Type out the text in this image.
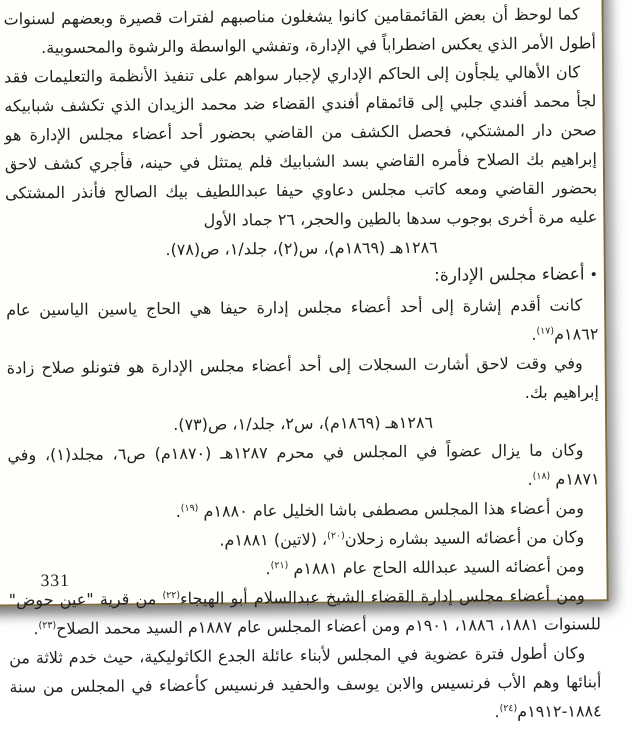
كما لوحظ أن بعض القائمقامين كانوا يشغلون مناصبهم لفترات قصيرة وبعضهم لسنوات أطول الأمر الذي يعكس اضطراباً في الإدارة، وتفشي الواسطة والرشوة والمحسوبية.

كان الأهالي يلجأون إلى الحاكم الإداري لإجبار سواهم على تنفيذ الأنظمة والتعليمات فقد لجأ محمد أفندي جلبي إلى قائمقام أفندي القضاء ضد محمد الزيدان الذي تكشف شبابيكه صحن دار المشتكي، فحصل الكشف من القاضي بحضور أحد أعضاء مجلس الإدارة هو إبراهيم بك الصلاح فأمره القاضي بسد الشبابيك فلم يمتثل في حينه، فأجري كشف لاحق بحضور القاضي ومعه كاتب مجلس دعاوي حيفا عبداللطيف بيك الصالح فأنذر المشتكى عليه مرة أخرى بوجوب سدها بالطين والحجر، ٢٦ جماد الأول

١٢٨٦هـ (١٨٦٩م)، س(٢)، جلد/١، ص(٧٨).

•أعضاء مجلس الإدارة:

كانت أقدم إشارة إلى أحد أعضاء مجلس إدارة حيفا هي الحاج ياسين الياسين عام ١٨٦٢م$^{(١٧)}$.

وفي وقت لاحق أشارت السجلات إلى أحد أعضاء مجلس الإدارة هو فتونلو صلاح زادة إبراهيم بك.

١٢٨٦هـ (١٨٦٩م)، س٢، جلد/١، ص(٧٣).

وكان ما يزال عضواً في المجلس في محرم ١٢٨٧هـ (١٨٧٠م) ص٦، مجلد(١)، وفي ١٨٧١م $^{(١٨)}$.

ومن أعضاء هذا المجلس مصطفى باشا الخليل عام ١٨٨٠م $^{(١٩)}$.

وكان من أعضائه السيد بشاره زحلان$^{(٢٠)}$، (لاتين) ١٨٨١م.

ومن أعضائه السيد عبدالله الحاج عام ١٨٨١م $^{(٢١)}$.

ومن أعضاء مجلس إدارة القضاء الشيخ عبدالسلام أبو الهيجاء$^{(٢٢)}$ من قرية "عين حوض" للسنوات ١٨٨١، ١٨٨٦، ١٩٠١م ومن أعضاء المجلس عام ١٨٨٧م السيد محمد الصلاح$^{(٢٣)}$.

وكان أطول فترة عضوية في المجلس لأبناء عائلة الجدع الكاثوليكية، حيث خدم ثلاثة من أبنائها وهم الأب فرنسيس والابن يوسف والحفيد فرنسيس كأعضاء في المجلس من سنة ١٨٨٤-١٩١٢م$^{(٢٤)}$.

331
